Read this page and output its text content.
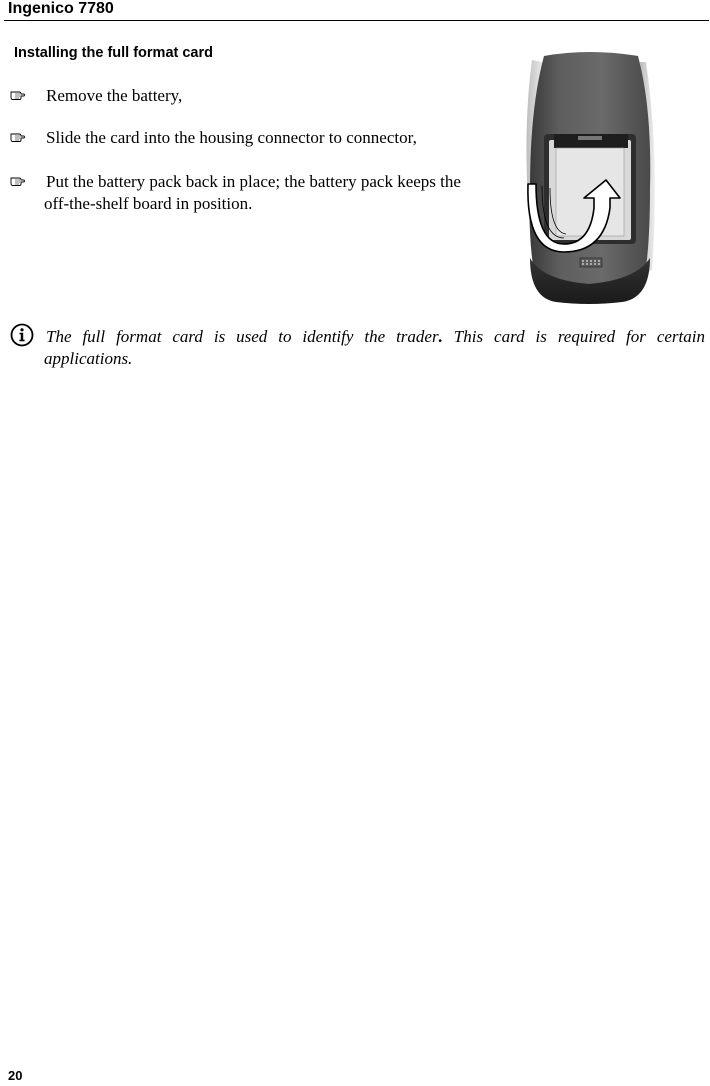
Ingenico 7780
Installing the full format card
Remove the battery,
Slide the card into the housing connector to connector,
Put the battery pack back in place; the battery pack keeps the
off-the-shelf board in position.
The full format card is used to identify the trader. This card is required for certain
applications.
20
